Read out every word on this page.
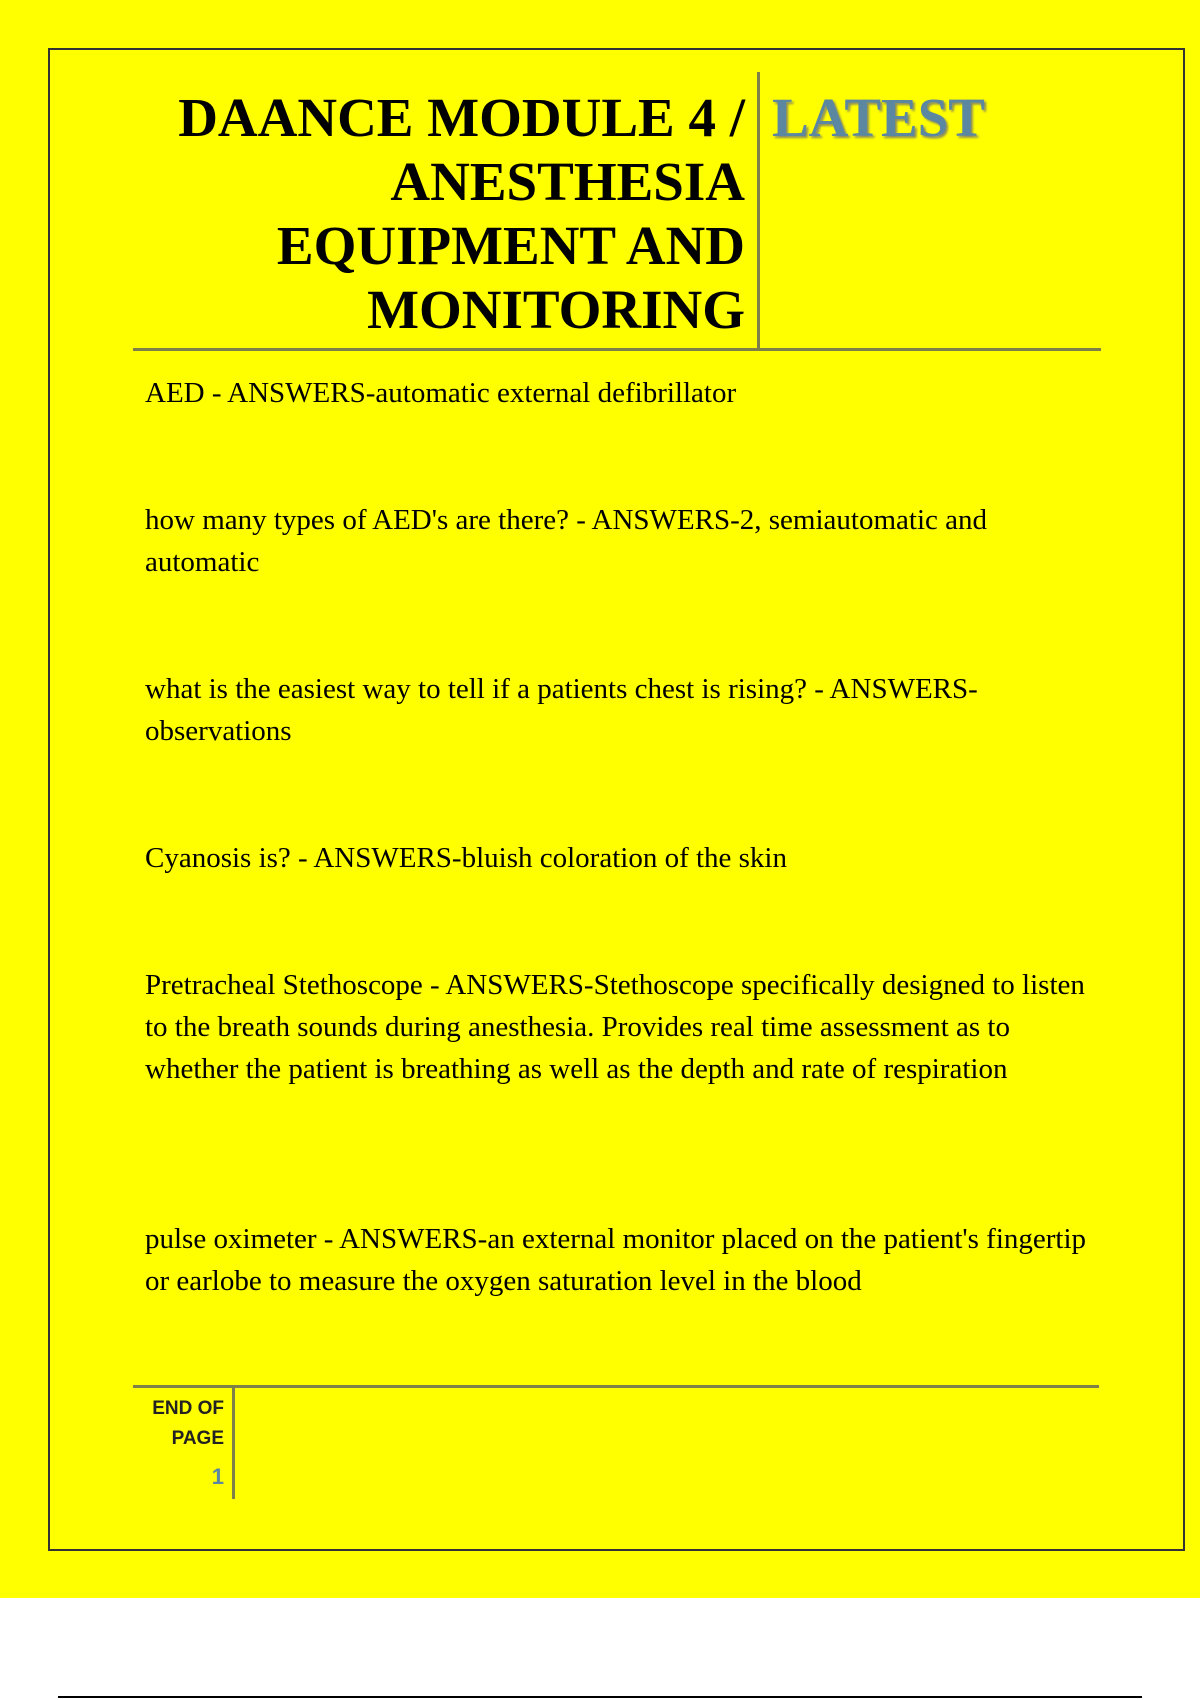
DAANCE MODULE 4 /
ANESTHESIA
EQUIPMENT AND
MONITORING
LATEST
AED - ANSWERS-automatic external defibrillator
how many types of AED's are there? - ANSWERS-2, semiautomatic and automatic
what is the easiest way to tell if a patients chest is rising? - ANSWERS-observations
Cyanosis is? - ANSWERS-bluish coloration of the skin
Pretracheal Stethoscope - ANSWERS-Stethoscope specifically designed to listen to the breath sounds during anesthesia. Provides real time assessment as to whether the patient is breathing as well as the depth and rate of respiration
pulse oximeter - ANSWERS-an external monitor placed on the patient's fingertip or earlobe to measure the oxygen saturation level in the blood
END OF
PAGE
1
